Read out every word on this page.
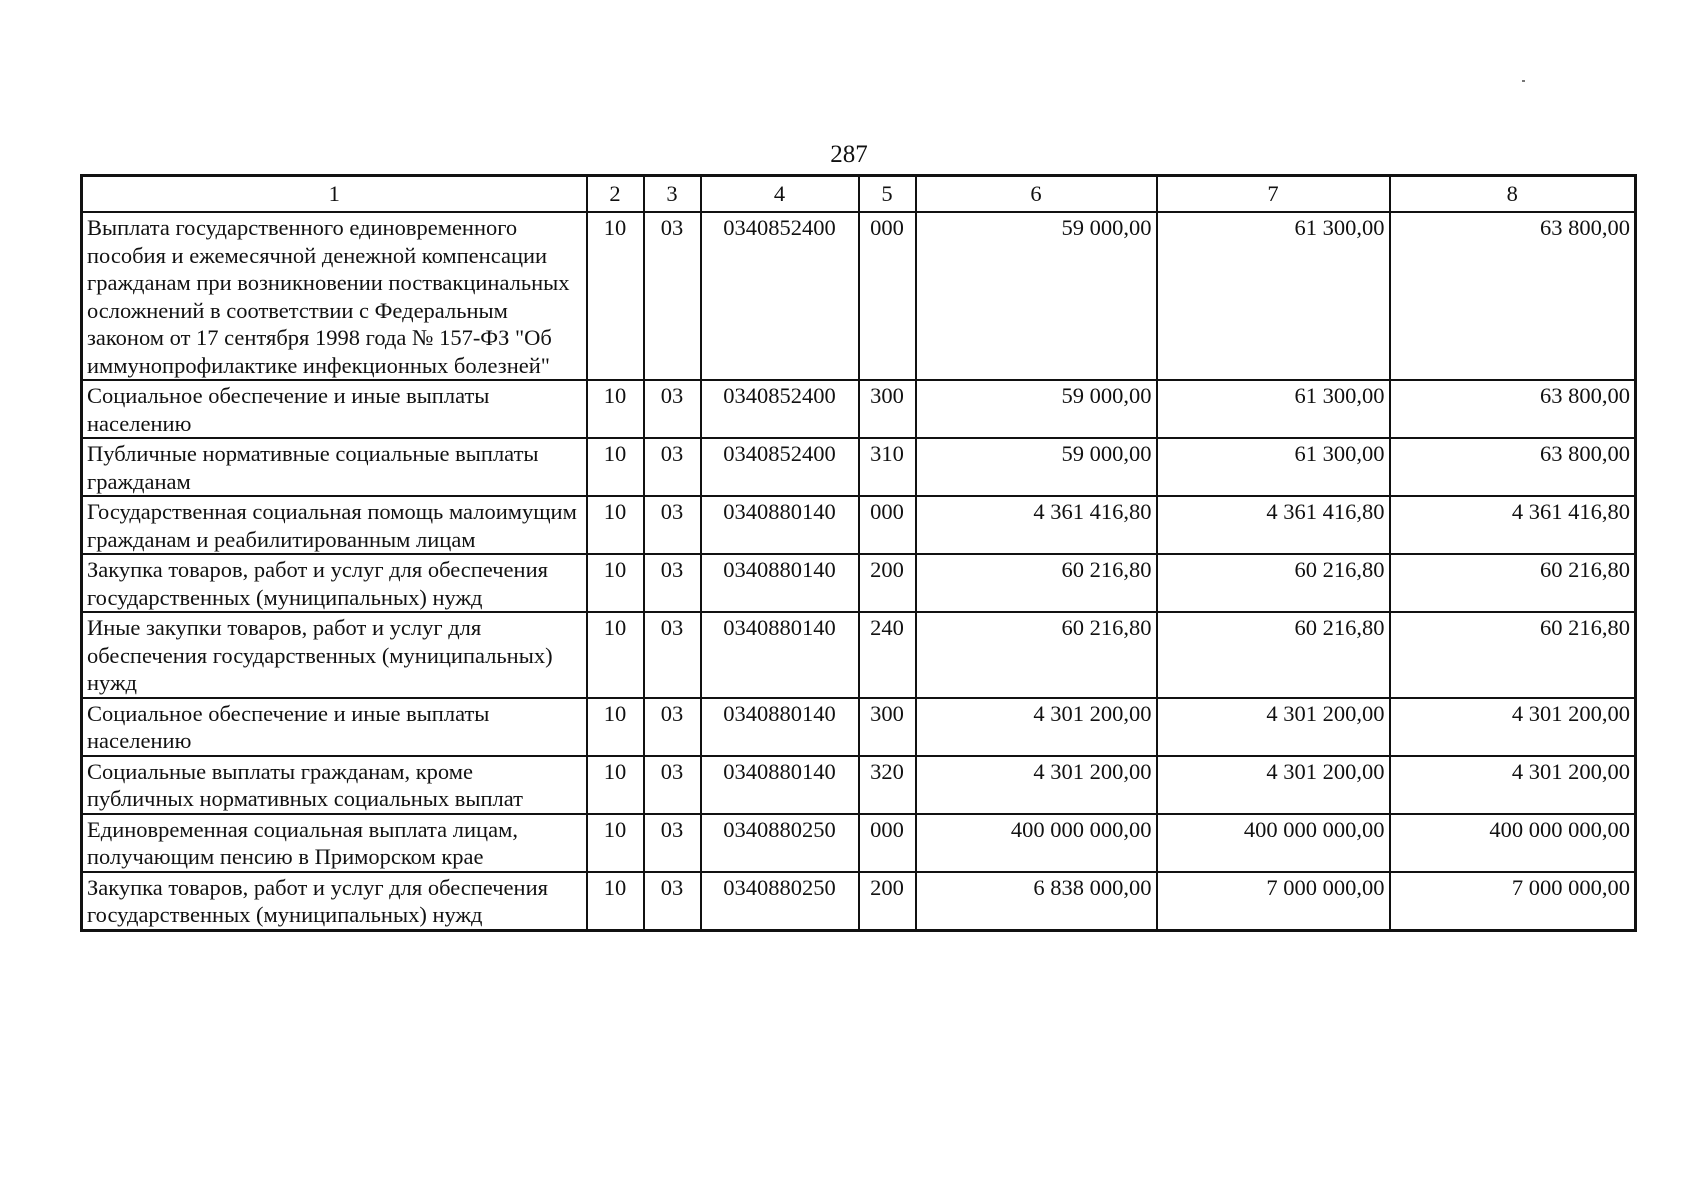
287
1	2	3	4	5	6	7	8
Выплата государственного единовременного пособия и ежемесячной денежной компенсации гражданам при возникновении поствакцинальных осложнений в соответствии с Федеральным законом от 17 сентября 1998 года № 157-ФЗ "Об иммунопрофилактике инфекционных болезней"	10	03	0340852400	000	59 000,00	61 300,00	63 800,00
Социальное обеспечение и иные выплаты населению	10	03	0340852400	300	59 000,00	61 300,00	63 800,00
Публичные нормативные социальные выплаты гражданам	10	03	0340852400	310	59 000,00	61 300,00	63 800,00
Государственная социальная помощь малоимущим гражданам и реабилитированным лицам	10	03	0340880140	000	4 361 416,80	4 361 416,80	4 361 416,80
Закупка товаров, работ и услуг для обеспечения государственных (муниципальных) нужд	10	03	0340880140	200	60 216,80	60 216,80	60 216,80
Иные закупки товаров, работ и услуг для обеспечения государственных (муниципальных) нужд	10	03	0340880140	240	60 216,80	60 216,80	60 216,80
Социальное обеспечение и иные выплаты населению	10	03	0340880140	300	4 301 200,00	4 301 200,00	4 301 200,00
Социальные выплаты гражданам, кроме публичных нормативных социальных выплат	10	03	0340880140	320	4 301 200,00	4 301 200,00	4 301 200,00
Единовременная социальная выплата лицам, получающим пенсию в Приморском крае	10	03	0340880250	000	400 000 000,00	400 000 000,00	400 000 000,00
Закупка товаров, работ и услуг для обеспечения государственных (муниципальных) нужд	10	03	0340880250	200	6 838 000,00	7 000 000,00	7 000 000,00
